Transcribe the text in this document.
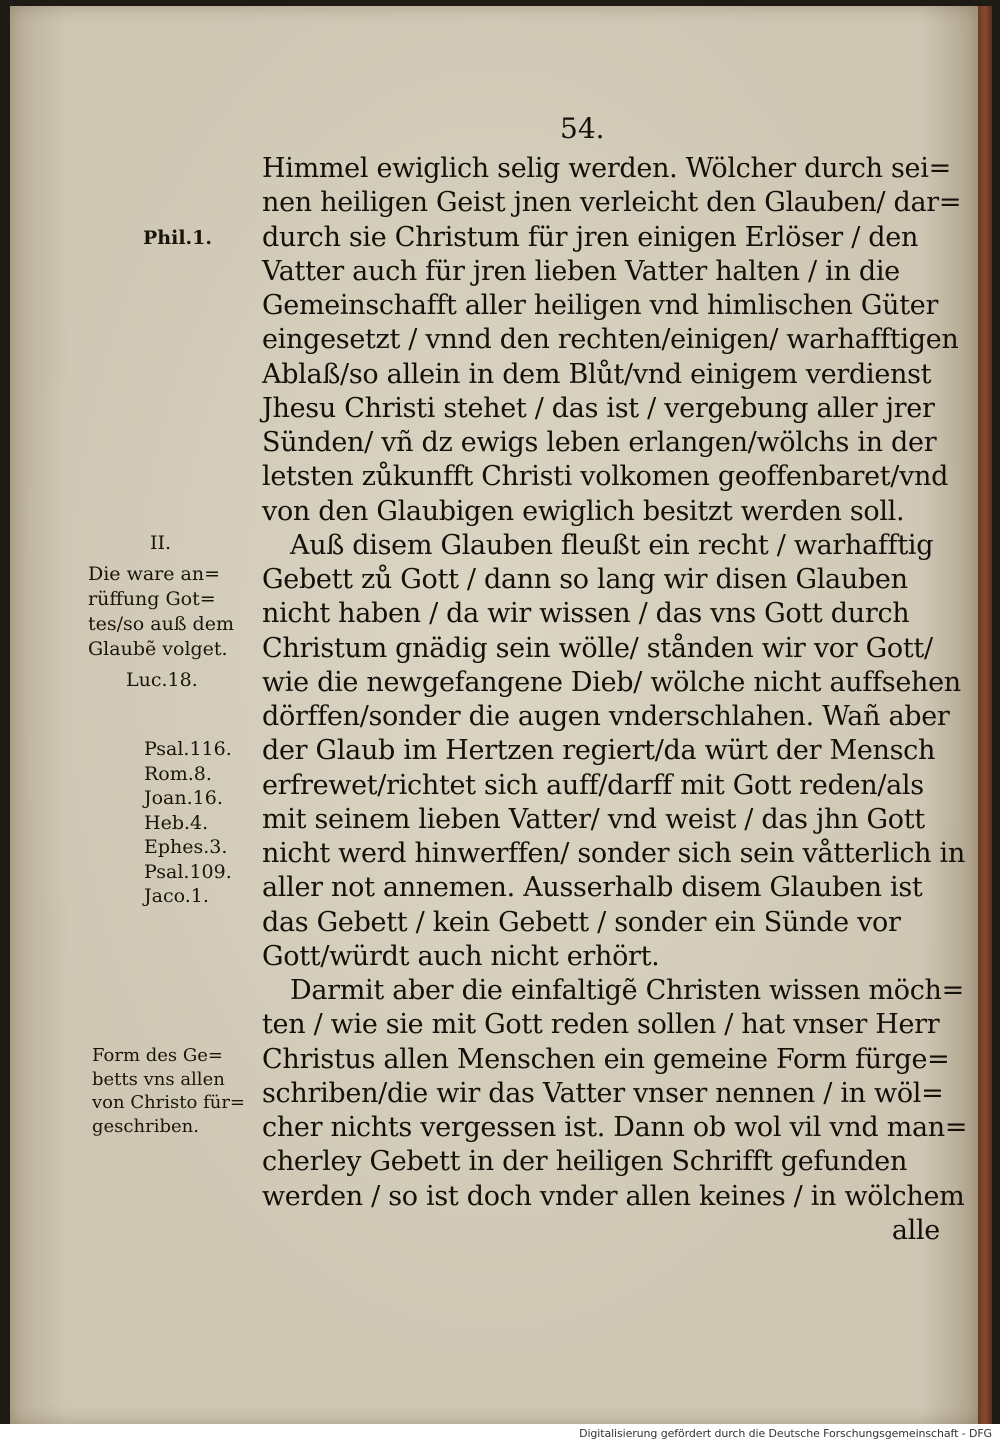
54.
Himmel ewiglich selig werden. Wölcher durch sei=
nen heiligen Geist jnen verleicht den Glauben/ dar=
durch sie Christum für jren einigen Erlöser / den
Vatter auch für jren lieben Vatter halten / in die
Gemeinschafft aller heiligen vnd himlischen Güter
eingesetzt / vnnd den rechten/einigen/ warhafftigen
Ablaß/so allein in dem Blůt/vnd einigem verdienst
Jhesu Christi stehet / das ist / vergebung aller jrer
Sünden/ vñ dz ewigs leben erlangen/wölchs in der
letsten zůkunfft Christi volkomen geoffenbaret/vnd
von den Glaubigen ewiglich besitzt werden soll.
Auß disem Glauben fleußt ein recht / warhafftig
Gebett zů Gott / dann so lang wir disen Glauben
nicht haben / da wir wissen / das vns Gott durch
Christum gnädig sein wölle/ stånden wir vor Gott/
wie die newgefangene Dieb/ wölche nicht auffsehen
dörffen/sonder die augen vnderschlahen. Wañ aber
der Glaub im Hertzen regiert/da würt der Mensch
erfrewet/richtet sich auff/darff mit Gott reden/als
mit seinem lieben Vatter/ vnd weist / das jhn Gott
nicht werd hinwerffen/ sonder sich sein våtterlich in
aller not annemen. Ausserhalb disem Glauben ist
das Gebett / kein Gebett / sonder ein Sünde vor
Gott/würdt auch nicht erhört.
Darmit aber die einfaltigẽ Christen wissen möch=
ten / wie sie mit Gott reden sollen / hat vnser Herr
Christus allen Menschen ein gemeine Form fürge=
schriben/die wir das Vatter vnser nennen / in wöl=
cher nichts vergessen ist. Dann ob wol vil vnd man=
cherley Gebett in der heiligen Schrifft gefunden
werden / so ist doch vnder allen keines / in wölchem
alle
Phil.1.
II.
Die ware an=
rüffung Got=
tes/so auß dem
Glaubẽ volget.
Luc.18.
Psal.116.
Rom.8.
Joan.16.
Heb.4.
Ephes.3.
Psal.109.
Jaco.1.
Form des Ge=
betts vns allen
von Christo für=
geschriben.
Digitalisierung gefördert durch die Deutsche Forschungsgemeinschaft - DFG
